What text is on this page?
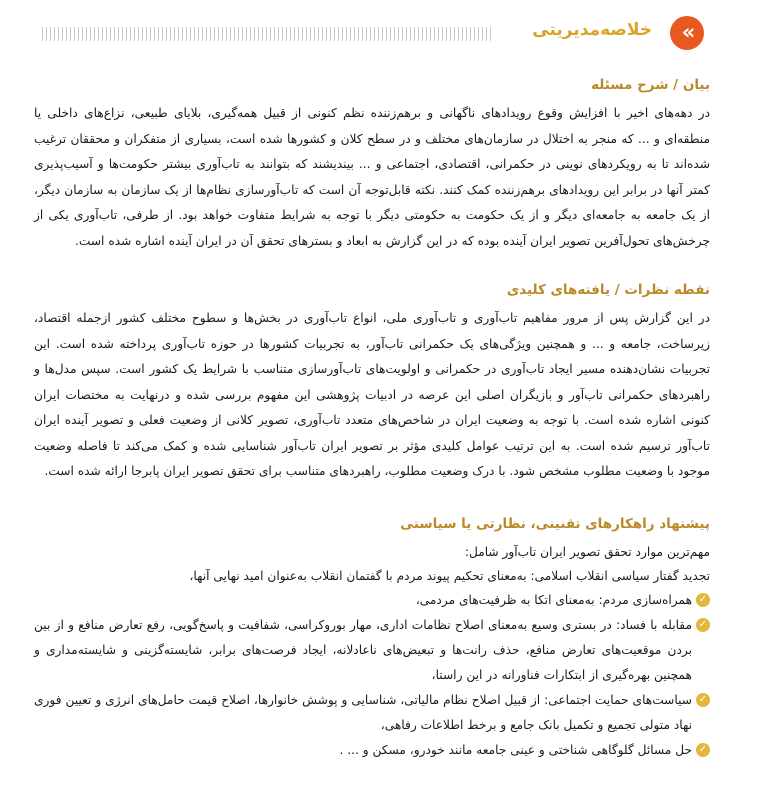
خلاصه‌مدیریتی	«
بیان / شرح مسئله

در دهه‌های اخیر با افزایش وقوع رویدادهای ناگهانی و برهم‌زننده نظم کنونی از قبیل همه‌گیری، بلایای طبیعی، نزاع‌های داخلی یا منطقه‌ای و ... که منجر به اختلال در سازمان‌های مختلف و در سطح کلان و کشورها شده است، بسیاری از متفکران و محققان ترغیب شده‌اند تا به رویکردهای نوینی در حکمرانی، اقتصادی، اجتماعی و ... بیندیشند که بتوانند به تاب‌آوری بیشتر حکومت‌ها و آسیب‌پذیری کمتر آنها در برابر این رویدادهای برهم‌زننده کمک کنند. نکته قابل‌توجه آن است که تاب‌آورسازی نظام‌ها از یک سازمان به سازمان دیگر، از یک جامعه به جامعه‌ای دیگر و از یک حکومت به حکومتی دیگر با توجه به شرایط متفاوت خواهد بود. از طرفی، تاب‌آوری یکی از چرخش‌های تحول‌آفرین تصویر ایران آینده بوده که در این گزارش به ابعاد و بسترهای تحقق آن در ایران آینده اشاره شده است.

نقطه نظرات / یافته‌های کلیدی

در این گزارش پس از مرور مفاهیم تاب‌آوری و تاب‌آوری ملی، انواع تاب‌آوری در بخش‌ها و سطوح مختلف کشور ازجمله اقتصاد، زیرساخت، جامعه و ... و همچنین ویژگی‌های یک حکمرانی تاب‌آور، به تجربیات کشورها در حوزه تاب‌آوری پرداخته شده است. این تجربیات نشان‌دهنده مسیر ایجاد تاب‌آوری در حکمرانی و اولویت‌های تاب‌آورسازی متناسب با شرایط یک کشور است. سپس مدل‌ها و راهبردهای حکمرانی تاب‌آور و بازیگران اصلی این عرصه در ادبیات پژوهشی این مفهوم بررسی شده و درنهایت به مختصات ایران کنونی اشاره شده است. با توجه به وضعیت ایران در شاخص‌های متعدد تاب‌آوری، تصویر کلانی از وضعیت فعلی و تصویر آینده ایران تاب‌آور ترسیم شده است. به این ترتیب عوامل کلیدی مؤثر بر تصویر ایران تاب‌آور شناسایی شده و کمک می‌کند تا فاصله وضعیت موجود با وضعیت مطلوب مشخص شود. با درک وضعیت مطلوب، راهبردهای متناسب برای تحقق تصویر ایران پابرجا ارائه شده است.

پیشنهاد راهکارهای تقنینی، نظارتی یا سیاستی

مهم‌ترین موارد تحقق تصویر ایران تاب‌آور شامل:

تجدید گفتار سیاسی انقلاب اسلامی: به‌معنای تحکیم پیوند مردم با گفتمان انقلاب به‌عنوان امید نهایی آنها،

✓
همراه‌سازی مردم: به‌معنای اتکا به ظرفیت‌های مردمی،
✓
مقابله با فساد: در بستری وسیع به‌معنای اصلاح نظامات اداری، مهار بوروکراسی، شفافیت و پاسخ‌گویی، رفع تعارض منافع و از بین بردن موقعیت‌های تعارض منافع، حذف رانت‌ها و تبعیض‌های ناعادلانه، ایجاد فرصت‌های برابر، شایسته‌گزینی و شایسته‌مداری و همچنین بهره‌گیری از ابتکارات فناورانه در این راستا،
✓
سیاست‌های حمایت اجتماعی: از قبیل اصلاح نظام مالیاتی، شناسایی و پوشش خانوارها، اصلاح قیمت حامل‌های انرژی و تعیین فوری نهاد متولی تجمیع و تکمیل بانک جامع و برخط اطلاعات رفاهی،
✓
حل مسائل گلوگاهی شناختی و عینی جامعه مانند خودرو، مسکن و ... .
